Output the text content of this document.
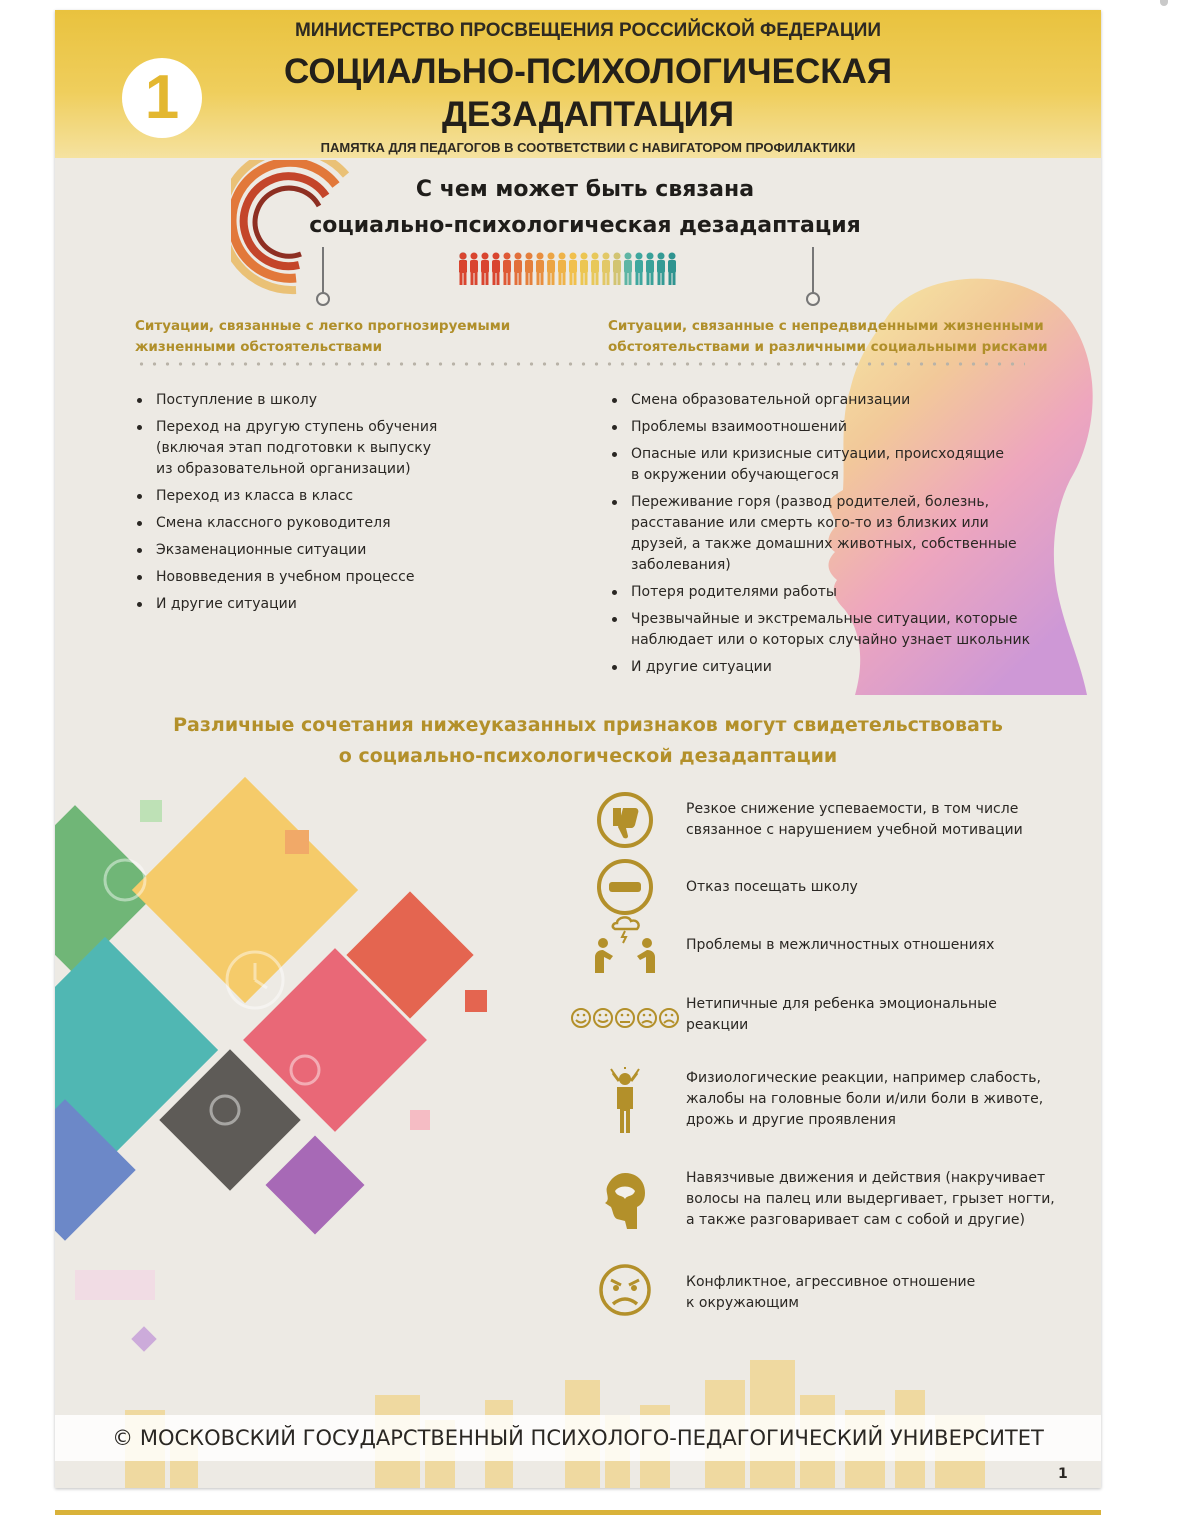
1
МИНИСТЕРСТВО ПРОСВЕЩЕНИЯ РОССИЙСКОЙ ФЕДЕРАЦИИ
СОЦИАЛЬНО-ПСИХОЛОГИЧЕСКАЯ
ДЕЗАДАПТАЦИЯ
ПАМЯТКА ДЛЯ ПЕДАГОГОВ В СООТВЕТСТВИИ С НАВИГАТОРОМ ПРОФИЛАКТИКИ
С чем может быть связана
социально-психологическая дезадаптация
Ситуации, связанные с легко прогнозируемыми
жизненными обстоятельствами
Ситуации, связанные с непредвиденными жизненными
обстоятельствами и различными социальными рисками
Поступление в школу
Переход на другую ступень обучения
(включая этап подготовки к выпуску
из образовательной организации)
Переход из класса в класс
Смена классного руководителя
Экзаменационные ситуации
Нововведения в учебном процессе
И другие ситуации
Смена образовательной организации
Проблемы взаимоотношений
Опасные или кризисные ситуации, происходящие
в окружении обучающегося
Переживание горя (развод родителей, болезнь,
расставание или смерть кого-то из близких или
друзей, а также домашних животных, собственные
заболевания)
Потеря родителями работы
Чрезвычайные и экстремальные ситуации, которые
наблюдает или о которых случайно узнает школьник
И другие ситуации
Различные сочетания нижеуказанных признаков могут свидетельствовать
о социально-психологической дезадаптации
Резкое снижение успеваемости, в том числе
связанное с нарушением учебной мотивации
Отказ посещать школу
Проблемы в межличностных отношениях
Нетипичные для ребенка эмоциональные
реакции
Физиологические реакции, например слабость,
жалобы на головные боли и/или боли в животе,
дрожь и другие проявления
Навязчивые движения и действия (накручивает
волосы на палец или выдергивает, грызет ногти,
а также разговаривает сам с собой и другие)
Конфликтное, агрессивное отношение
к окружающим
© МОСКОВСКИЙ ГОСУДАРСТВЕННЫЙ ПСИХОЛОГО-ПЕДАГОГИЧЕСКИЙ УНИВЕРСИТЕТ
1
